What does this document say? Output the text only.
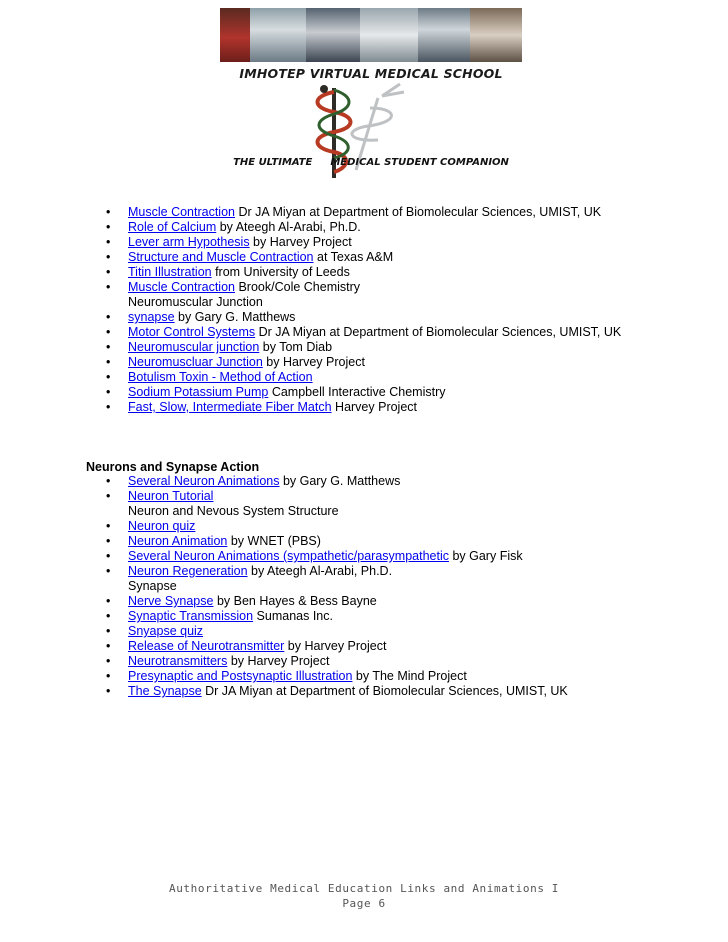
IMHOTEP VIRTUAL MEDICAL SCHOOL
THE ULTIMATE MEDICAL STUDENT COMPANION
• Muscle Contraction Dr JA Miyan at Department of Biomolecular Sciences, UMIST, UK
• Role of Calcium by Ateegh Al-Arabi, Ph.D.
• Lever arm Hypothesis by Harvey Project
• Structure and Muscle Contraction at Texas A&M
• Titin Illustration from University of Leeds
• Muscle Contraction Brook/Cole Chemistry
Neuromuscular Junction
• synapse by Gary G. Matthews
• Motor Control Systems Dr JA Miyan at Department of Biomolecular Sciences, UMIST, UK
• Neuromuscular junction by Tom Diab
• Neuromuscluar Junction by Harvey Project
• Botulism Toxin - Method of Action
• Sodium Potassium Pump Campbell Interactive Chemistry
• Fast, Slow, Intermediate Fiber Match Harvey Project
Neurons and Synapse Action
• Several Neuron Animations by Gary G. Matthews
• Neuron Tutorial
Neuron and Nevous System Structure
• Neuron quiz
• Neuron Animation by WNET (PBS)
• Several Neuron Animations (sympathetic/parasympathetic by Gary Fisk
• Neuron Regeneration by Ateegh Al-Arabi, Ph.D.
Synapse
• Nerve Synapse by Ben Hayes & Bess Bayne
• Synaptic Transmission Sumanas Inc.
• Snyapse quiz
• Release of Neurotransmitter by Harvey Project
• Neurotransmitters by Harvey Project
• Presynaptic and Postsynaptic Illustration by The Mind Project
• The Synapse Dr JA Miyan at Department of Biomolecular Sciences, UMIST, UK
Authoritative Medical Education Links and Animations I
Page 6
